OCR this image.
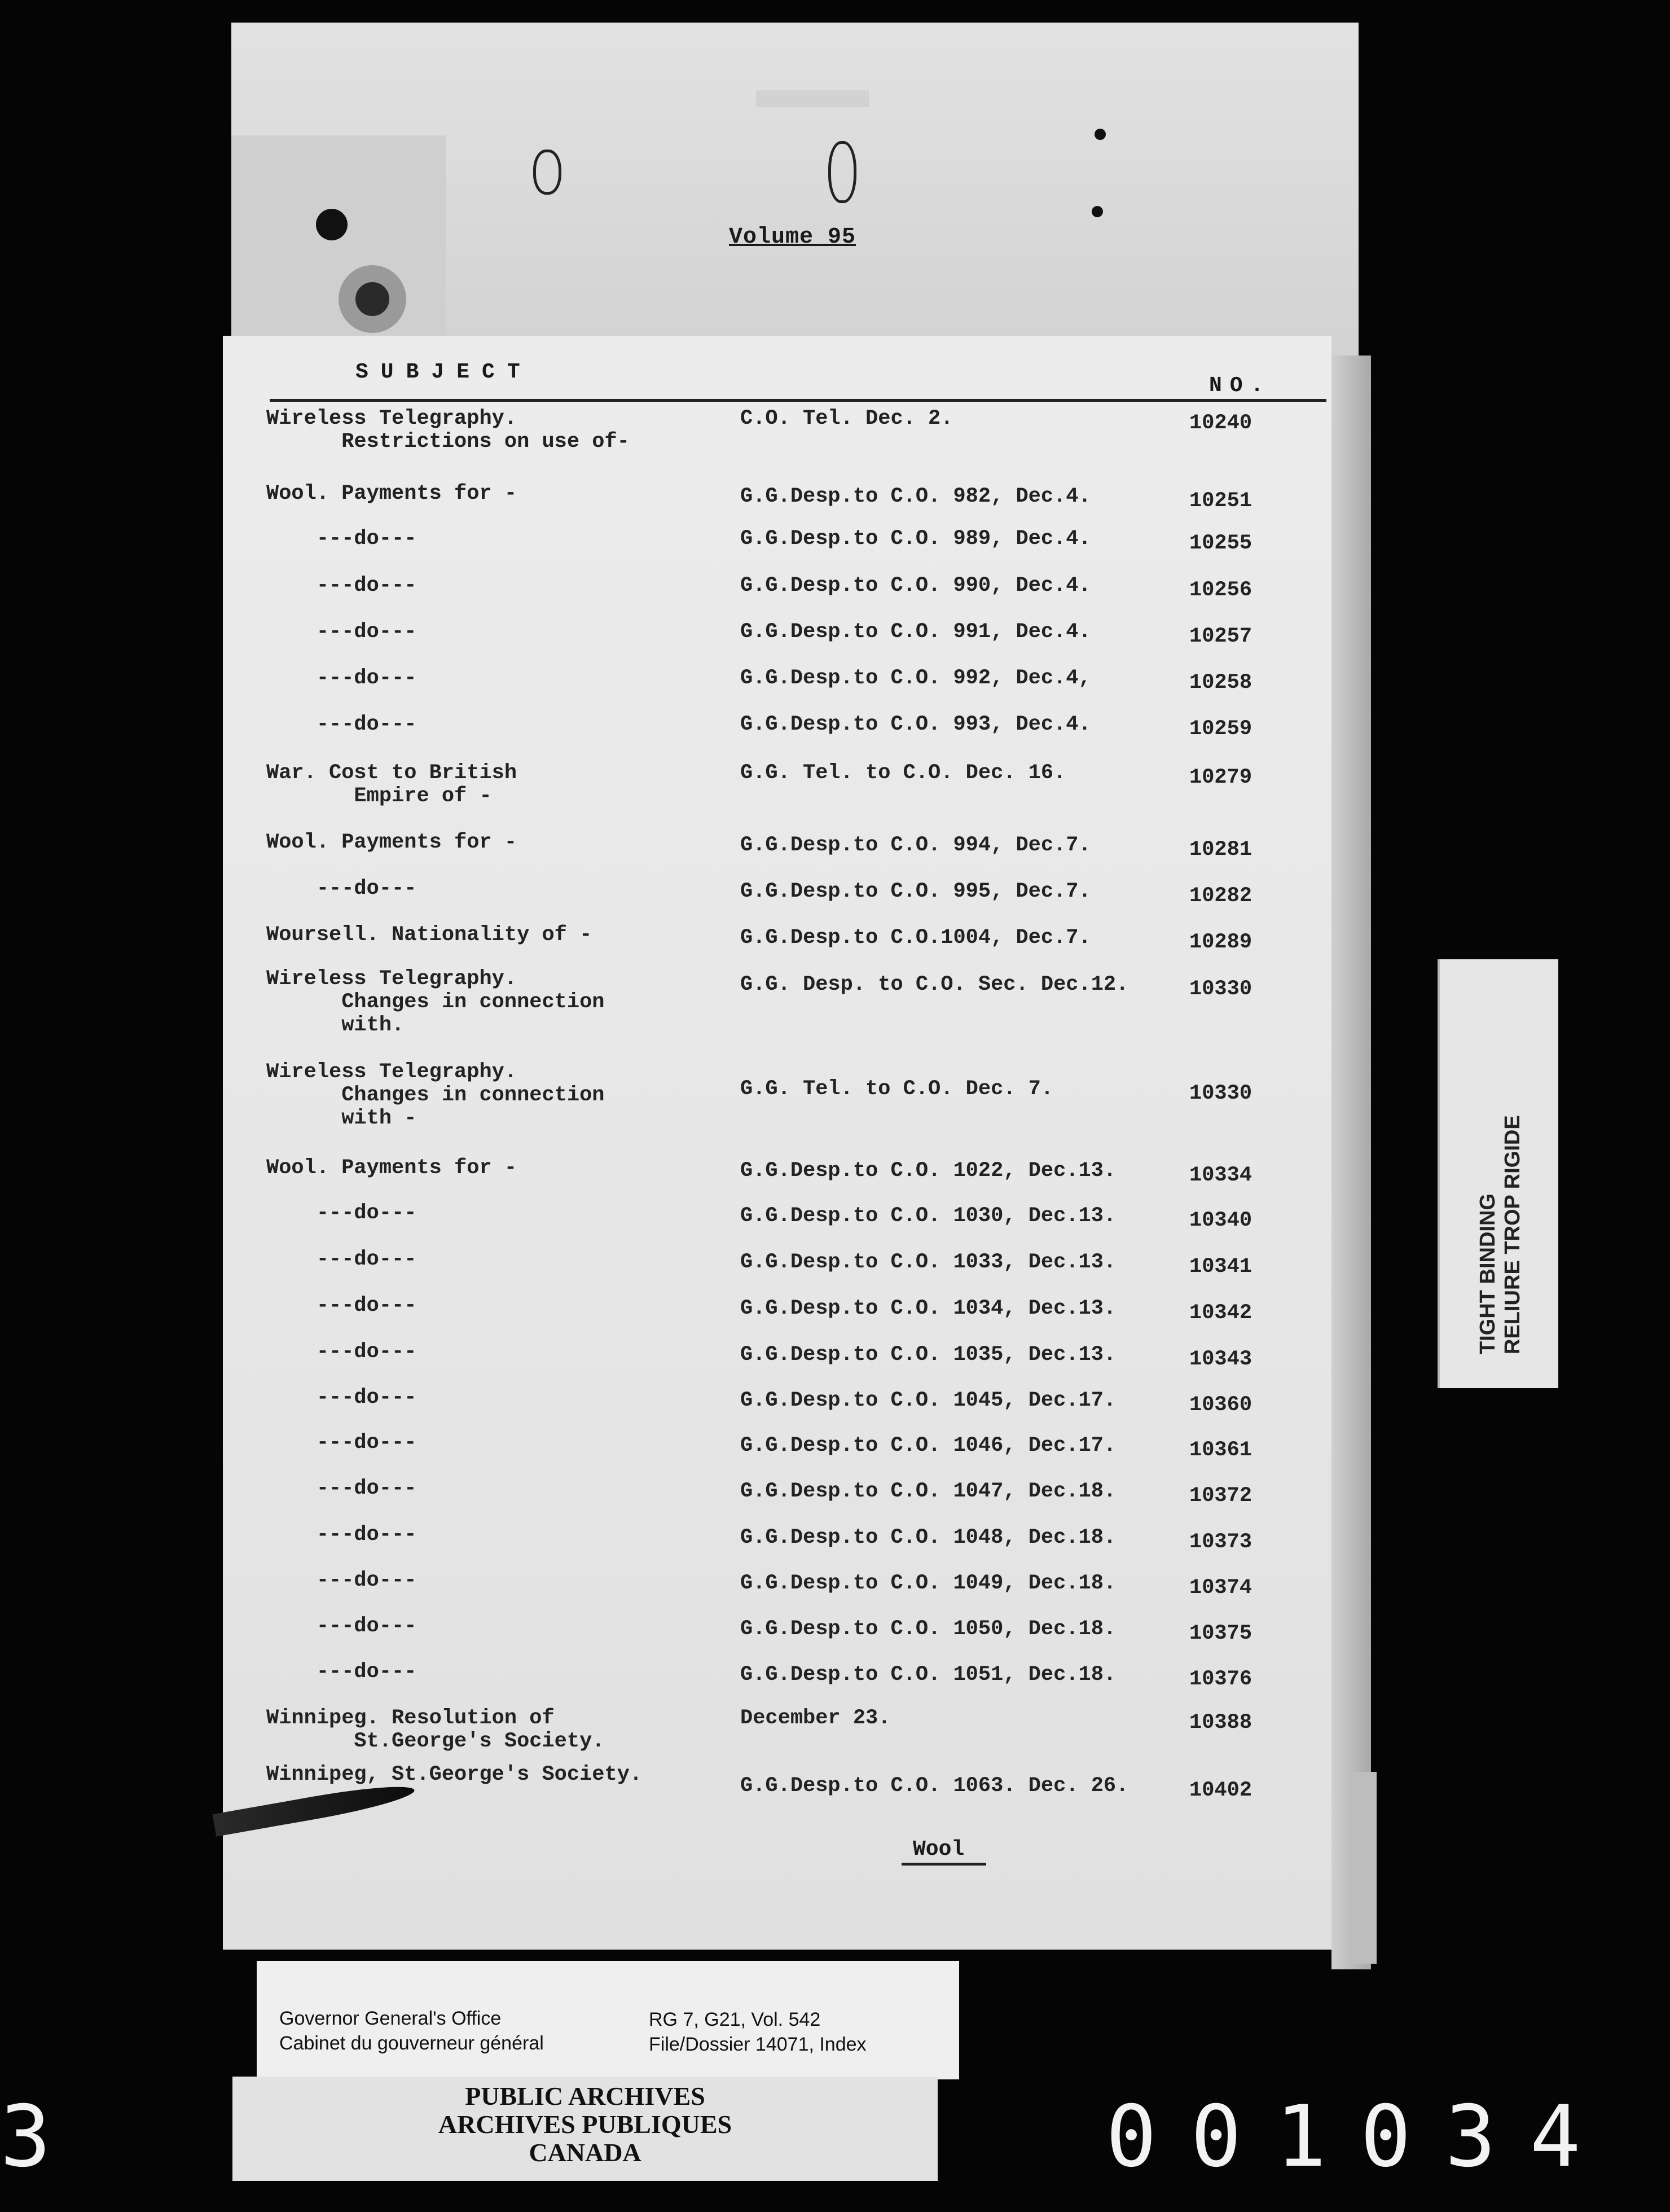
Volume 95
SUBJECT
NO.
Wireless Telegraphy.
Restrictions on use of-
C.O. Tel. Dec. 2.	10240
Wool. Payments for -	G.G.Desp.to C.O. 982, Dec.4.	10251
---do---	G.G.Desp.to C.O. 989, Dec.4.	10255
---do---	G.G.Desp.to C.O. 990, Dec.4.	10256
---do---	G.G.Desp.to C.O. 991, Dec.4.	10257
---do---	G.G.Desp.to C.O. 992, Dec.4,	10258
---do---	G.G.Desp.to C.O. 993, Dec.4.	10259
War. Cost to British
Empire of -
G.G. Tel. to C.O. Dec. 16.	10279
Wool. Payments for -	G.G.Desp.to C.O. 994, Dec.7.	10281
---do---	G.G.Desp.to C.O. 995, Dec.7.	10282
Woursell. Nationality of -	G.G.Desp.to C.O.1004, Dec.7.	10289
Wireless Telegraphy.
Changes in connection
with.
G.G. Desp. to C.O. Sec. Dec.12.	10330
Wireless Telegraphy.
Changes in connection
with -
G.G. Tel. to C.O. Dec. 7.	10330
Wool. Payments for -	G.G.Desp.to C.O. 1022, Dec.13.	10334
---do---	G.G.Desp.to C.O. 1030, Dec.13.	10340
---do---	G.G.Desp.to C.O. 1033, Dec.13.	10341
---do---	G.G.Desp.to C.O. 1034, Dec.13.	10342
---do---	G.G.Desp.to C.O. 1035, Dec.13.	10343
---do---	G.G.Desp.to C.O. 1045, Dec.17.	10360
---do---	G.G.Desp.to C.O. 1046, Dec.17.	10361
---do---	G.G.Desp.to C.O. 1047, Dec.18.	10372
---do---	G.G.Desp.to C.O. 1048, Dec.18.	10373
---do---	G.G.Desp.to C.O. 1049, Dec.18.	10374
---do---	G.G.Desp.to C.O. 1050, Dec.18.	10375
---do---	G.G.Desp.to C.O. 1051, Dec.18.	10376
Winnipeg. Resolution of
St.George's Society.
December 23.	10388
Winnipeg, St.George's Society.	G.G.Desp.to C.O. 1063. Dec. 26.	10402
Wool
TIGHT BINDING RELIURE TROP RIGIDE
Governor General's Office
Cabinet du gouverneur général
RG 7, G21, Vol. 542
File/Dossier 14071, Index
PUBLIC ARCHIVES
ARCHIVES PUBLIQUES
CANADA
3	001034
